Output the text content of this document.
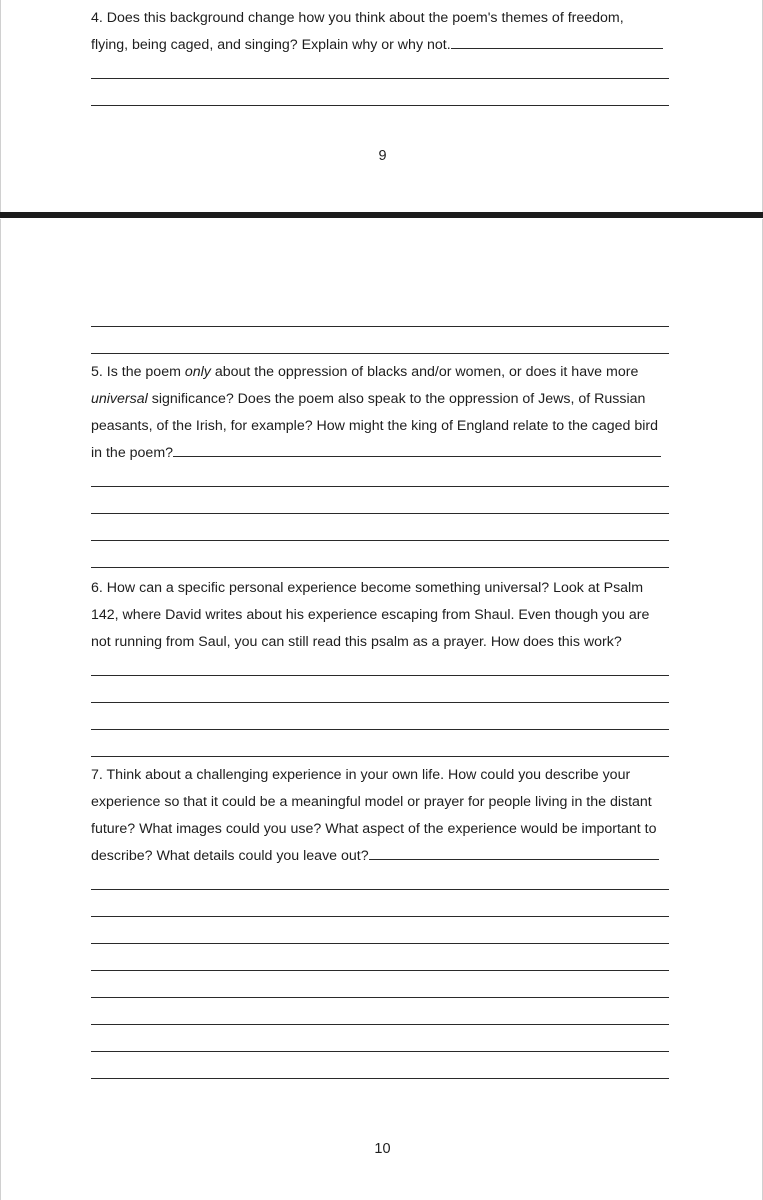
4. Does this background change how you think about the poem's themes of freedom,

flying, being caged, and singing? Explain why or why not.

9

5. Is the poem only about the oppression of blacks and/or women, or does it have more

universal significance? Does the poem also speak to the oppression of Jews, of Russian

peasants, of the Irish, for example? How might the king of England relate to the caged bird

in the poem?

6. How can a specific personal experience become something universal? Look at Psalm

142, where David writes about his experience escaping from Shaul. Even though you are

not running from Saul, you can still read this psalm as a prayer. How does this work?

7. Think about a challenging experience in your own life. How could you describe your

experience so that it could be a meaningful model or prayer for people living in the distant

future? What images could you use? What aspect of the experience would be important to

describe? What details could you leave out?

10
